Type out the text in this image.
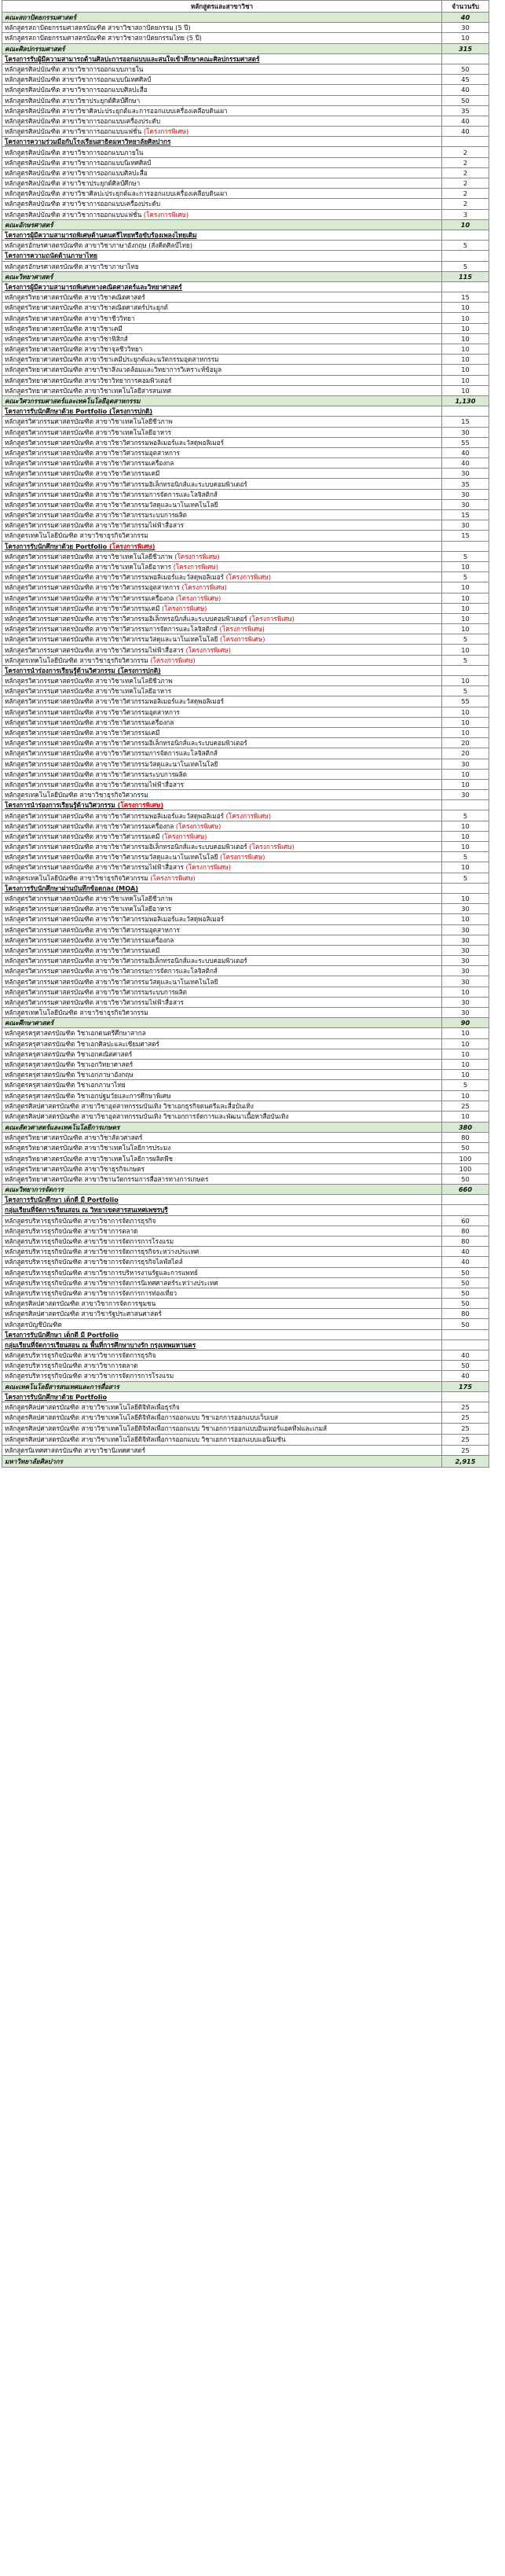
หลักสูตรและสาขาวิชา	จำนวนรับ
คณะสถาปัตยกรรมศาสตร์	40
หลักสูตรสถาปัตยกรรมศาสตรบัณฑิต สาขาวิชาสถาปัตยกรรม (5 ปี)	30
หลักสูตรสถาปัตยกรรมศาสตรบัณฑิต สาขาวิชาสถาปัตยกรรมไทย (5 ปี)	10
คณะศิลปกรรมศาสตร์	315
โครงการรับผู้มีความสามารถด้านศิลปะการออกแบบและสนใจเข้าศึกษาคณะศิลปกรรมศาสตร์	
หลักสูตรศิลปบัณฑิต สาขาวิชาการออกแบบภายใน	50
หลักสูตรศิลปบัณฑิต สาขาวิชาการออกแบบนิเทศศิลป์	45
หลักสูตรศิลปบัณฑิต สาขาวิชาการออกแบบศิลปะสื่อ	40
หลักสูตรศิลปบัณฑิต สาขาวิชาประยุกต์ศิลป์ศึกษา	50
หลักสูตรศิลปบัณฑิต สาขาวิชาศิลปะประยุกต์และการออกแบบเครื่องเคลือบดินเผา	35
หลักสูตรศิลปบัณฑิต สาขาวิชาการออกแบบเครื่องประดับ	40
หลักสูตรศิลปบัณฑิต สาขาวิชาการออกแบบแฟชั่น (โครงการพิเศษ)	40
โครงการความร่วมมือกับโรงเรียนสาธิตมหาวิทยาลัยศิลปากร	
หลักสูตรศิลปบัณฑิต สาขาวิชาการออกแบบภายใน	2
หลักสูตรศิลปบัณฑิต สาขาวิชาการออกแบบนิเทศศิลป์	2
หลักสูตรศิลปบัณฑิต สาขาวิชาการออกแบบศิลปะสื่อ	2
หลักสูตรศิลปบัณฑิต สาขาวิชาประยุกต์ศิลป์ศึกษา	2
หลักสูตรศิลปบัณฑิต สาขาวิชาศิลปะประยุกต์และการออกแบบเครื่องเคลือบดินเผา	2
หลักสูตรศิลปบัณฑิต สาขาวิชาการออกแบบเครื่องประดับ	2
หลักสูตรศิลปบัณฑิต สาขาวิชาการออกแบบแฟชั่น (โครงการพิเศษ)	3
คณะอักษรศาสตร์	10
โครงการผู้มีความสามารถพิเศษด้านดนตรีไทยหรือขับร้องเพลงไทยเดิม	
หลักสูตรอักษรศาสตรบัณฑิต สาขาวิชาภาษาอังกฤษ (สังคีตศิลป์ไทย)	5
โครงการความถนัดด้านภาษาไทย	
หลักสูตรอักษรศาสตรบัณฑิต สาขาวิชาภาษาไทย	5
คณะวิทยาศาสตร์	115
โครงการผู้มีความสามารถพิเศษทางคณิตศาสตร์และวิทยาศาสตร์	
หลักสูตรวิทยาศาสตรบัณฑิต สาขาวิชาคณิตศาสตร์	15
หลักสูตรวิทยาศาสตรบัณฑิต สาขาวิชาคณิตศาสตร์ประยุกต์	10
หลักสูตรวิทยาศาสตรบัณฑิต สาขาวิชาชีววิทยา	10
หลักสูตรวิทยาศาสตรบัณฑิต สาขาวิชาเคมี	10
หลักสูตรวิทยาศาสตรบัณฑิต สาขาวิชาฟิสิกส์	10
หลักสูตรวิทยาศาสตรบัณฑิต สาขาวิชาจุลชีววิทยา	10
หลักสูตรวิทยาศาสตรบัณฑิต สาขาวิชาเคมีประยุกต์และนวัตกรรมอุตสาหกรรม	10
หลักสูตรวิทยาศาสตรบัณฑิต สาขาวิชาสิ่งแวดล้อมและวิทยาการวิเคราะห์ข้อมูล	10
หลักสูตรวิทยาศาสตรบัณฑิต สาขาวิชาวิทยาการคอมพิวเตอร์	10
หลักสูตรวิทยาศาสตรบัณฑิต สาขาวิชาเทคโนโลยีสารสนเทศ	10
คณะวิศวกรรมศาสตร์และเทคโนโลยีอุตสาหกรรม	1,130
โครงการรับนักศึกษาด้วย Portfolio (โครงการปกติ)	
หลักสูตรวิศวกรรมศาสตรบัณฑิต สาขาวิชาเทคโนโลยีชีวภาพ	15
หลักสูตรวิศวกรรมศาสตรบัณฑิต สาขาวิชาเทคโนโลยีอาหาร	30
หลักสูตรวิศวกรรมศาสตรบัณฑิต สาขาวิชาวิศวกรรมพอลิเมอร์และวัสดุพอลิเมอร์	55
หลักสูตรวิศวกรรมศาสตรบัณฑิต สาขาวิชาวิศวกรรมอุตสาหการ	40
หลักสูตรวิศวกรรมศาสตรบัณฑิต สาขาวิชาวิศวกรรมเครื่องกล	40
หลักสูตรวิศวกรรมศาสตรบัณฑิต สาขาวิชาวิศวกรรมเคมี	30
หลักสูตรวิศวกรรมศาสตรบัณฑิต สาขาวิชาวิศวกรรมอิเล็กทรอนิกส์และระบบคอมพิวเตอร์	35
หลักสูตรวิศวกรรมศาสตรบัณฑิต สาขาวิชาวิศวกรรมการจัดการและโลจิสติกส์	30
หลักสูตรวิศวกรรมศาสตรบัณฑิต สาขาวิชาวิศวกรรมวัสดุและนาโนเทคโนโลยี	30
หลักสูตรวิศวกรรมศาสตรบัณฑิต สาขาวิชาวิศวกรรมระบบการผลิต	15
หลักสูตรวิศวกรรมศาสตรบัณฑิต สาขาวิชาวิศวกรรมไฟฟ้าสื่อสาร	30
หลักสูตรเทคโนโลยีบัณฑิต สาขาวิชาธุรกิจวิศวกรรม	15
โครงการรับนักศึกษาด้วย Portfolio (โครงการพิเศษ)	
หลักสูตรวิศวกรรมศาสตรบัณฑิต สาขาวิชาเทคโนโลยีชีวภาพ (โครงการพิเศษ)	5
หลักสูตรวิศวกรรมศาสตรบัณฑิต สาขาวิชาเทคโนโลยีอาหาร (โครงการพิเศษ)	10
หลักสูตรวิศวกรรมศาสตรบัณฑิต สาขาวิชาวิศวกรรมพอลิเมอร์และวัสดุพอลิเมอร์ (โครงการพิเศษ)	5
หลักสูตรวิศวกรรมศาสตรบัณฑิต สาขาวิชาวิศวกรรมอุตสาหการ (โครงการพิเศษ)	10
หลักสูตรวิศวกรรมศาสตรบัณฑิต สาขาวิชาวิศวกรรมเครื่องกล (โครงการพิเศษ)	10
หลักสูตรวิศวกรรมศาสตรบัณฑิต สาขาวิชาวิศวกรรมเคมี (โครงการพิเศษ)	10
หลักสูตรวิศวกรรมศาสตรบัณฑิต สาขาวิชาวิศวกรรมอิเล็กทรอนิกส์และระบบคอมพิวเตอร์ (โครงการพิเศษ)	10
หลักสูตรวิศวกรรมศาสตรบัณฑิต สาขาวิชาวิศวกรรมการจัดการและโลจิสติกส์ (โครงการพิเศษ)	10
หลักสูตรวิศวกรรมศาสตรบัณฑิต สาขาวิชาวิศวกรรมวัสดุและนาโนเทคโนโลยี (โครงการพิเศษ)	5
หลักสูตรวิศวกรรมศาสตรบัณฑิต สาขาวิชาวิศวกรรมไฟฟ้าสื่อสาร (โครงการพิเศษ)	10
หลักสูตรเทคโนโลยีบัณฑิต สาขาวิชาธุรกิจวิศวกรรม (โครงการพิเศษ)	5
โครงการนำร่องการเรียนรู้ด้านวิศวกรรม (โครงการปกติ)	
หลักสูตรวิศวกรรมศาสตรบัณฑิต สาขาวิชาเทคโนโลยีชีวภาพ	10
หลักสูตรวิศวกรรมศาสตรบัณฑิต สาขาวิชาเทคโนโลยีอาหาร	5
หลักสูตรวิศวกรรมศาสตรบัณฑิต สาขาวิชาวิศวกรรมพอลิเมอร์และวัสดุพอลิเมอร์	55
หลักสูตรวิศวกรรมศาสตรบัณฑิต สาขาวิชาวิศวกรรมอุตสาหการ	10
หลักสูตรวิศวกรรมศาสตรบัณฑิต สาขาวิชาวิศวกรรมเครื่องกล	10
หลักสูตรวิศวกรรมศาสตรบัณฑิต สาขาวิชาวิศวกรรมเคมี	10
หลักสูตรวิศวกรรมศาสตรบัณฑิต สาขาวิชาวิศวกรรมอิเล็กทรอนิกส์และระบบคอมพิวเตอร์	20
หลักสูตรวิศวกรรมศาสตรบัณฑิต สาขาวิชาวิศวกรรมการจัดการและโลจิสติกส์	20
หลักสูตรวิศวกรรมศาสตรบัณฑิต สาขาวิชาวิศวกรรมวัสดุและนาโนเทคโนโลยี	30
หลักสูตรวิศวกรรมศาสตรบัณฑิต สาขาวิชาวิศวกรรมระบบการผลิต	10
หลักสูตรวิศวกรรมศาสตรบัณฑิต สาขาวิชาวิศวกรรมไฟฟ้าสื่อสาร	10
หลักสูตรเทคโนโลยีบัณฑิต สาขาวิชาธุรกิจวิศวกรรม	30
โครงการนำร่องการเรียนรู้ด้านวิศวกรรม (โครงการพิเศษ)	
หลักสูตรวิศวกรรมศาสตรบัณฑิต สาขาวิชาวิศวกรรมพอลิเมอร์และวัสดุพอลิเมอร์ (โครงการพิเศษ)	5
หลักสูตรวิศวกรรมศาสตรบัณฑิต สาขาวิชาวิศวกรรมเครื่องกล (โครงการพิเศษ)	10
หลักสูตรวิศวกรรมศาสตรบัณฑิต สาขาวิชาวิศวกรรมเคมี (โครงการพิเศษ)	10
หลักสูตรวิศวกรรมศาสตรบัณฑิต สาขาวิชาวิศวกรรมอิเล็กทรอนิกส์และระบบคอมพิวเตอร์ (โครงการพิเศษ)	10
หลักสูตรวิศวกรรมศาสตรบัณฑิต สาขาวิชาวิศวกรรมวัสดุและนาโนเทคโนโลยี (โครงการพิเศษ)	5
หลักสูตรวิศวกรรมศาสตรบัณฑิต สาขาวิชาวิศวกรรมไฟฟ้าสื่อสาร (โครงการพิเศษ)	10
หลักสูตรเทคโนโลยีบัณฑิต สาขาวิชาธุรกิจวิศวกรรม (โครงการพิเศษ)	5
โครงการรับนักศึกษาผ่านบันทึกข้อตกลง (MOA)	
หลักสูตรวิศวกรรมศาสตรบัณฑิต สาขาวิชาเทคโนโลยีชีวภาพ	10
หลักสูตรวิศวกรรมศาสตรบัณฑิต สาขาวิชาเทคโนโลยีอาหาร	30
หลักสูตรวิศวกรรมศาสตรบัณฑิต สาขาวิชาวิศวกรรมพอลิเมอร์และวัสดุพอลิเมอร์	10
หลักสูตรวิศวกรรมศาสตรบัณฑิต สาขาวิชาวิศวกรรมอุตสาหการ	30
หลักสูตรวิศวกรรมศาสตรบัณฑิต สาขาวิชาวิศวกรรมเครื่องกล	30
หลักสูตรวิศวกรรมศาสตรบัณฑิต สาขาวิชาวิศวกรรมเคมี	30
หลักสูตรวิศวกรรมศาสตรบัณฑิต สาขาวิชาวิศวกรรมอิเล็กทรอนิกส์และระบบคอมพิวเตอร์	30
หลักสูตรวิศวกรรมศาสตรบัณฑิต สาขาวิชาวิศวกรรมการจัดการและโลจิสติกส์	30
หลักสูตรวิศวกรรมศาสตรบัณฑิต สาขาวิชาวิศวกรรมวัสดุและนาโนเทคโนโลยี	30
หลักสูตรวิศวกรรมศาสตรบัณฑิต สาขาวิชาวิศวกรรมระบบการผลิต	10
หลักสูตรวิศวกรรมศาสตรบัณฑิต สาขาวิชาวิศวกรรมไฟฟ้าสื่อสาร	30
หลักสูตรเทคโนโลยีบัณฑิต สาขาวิชาธุรกิจวิศวกรรม	30
คณะศึกษาศาสตร์	90
หลักสูตรครุศาสตรบัณฑิต วิชาเอกดนตรีศึกษาสากล	10
หลักสูตรครุศาสตรบัณฑิต วิชาเอกศิลปะและเซียมศาสตร์	10
หลักสูตรครุศาสตรบัณฑิต วิชาเอกคณิตศาสตร์	10
หลักสูตรครุศาสตรบัณฑิต วิชาเอกวิทยาศาสตร์	10
หลักสูตรครุศาสตรบัณฑิต วิชาเอกภาษาอังกฤษ	10
หลักสูตรครุศาสตรบัณฑิต วิชาเอกภาษาไทย	5
หลักสูตรครุศาสตรบัณฑิต วิชาเอกปฐมวัยและการศึกษาพิเศษ	10
หลักสูตรศิลปศาสตรบัณฑิต สาขาวิชาอุตสาหกรรมบันเทิง วิชาเอกธุรกิจดนตรีและสื่อบันเทิง	25
หลักสูตรศิลปศาสตรบัณฑิต สาขาวิชาอุตสาหกรรมบันเทิง วิชาเอกการจัดการและพัฒนาเนื้อหาสื่อบันเทิง	10
คณะสัตวศาสตร์และเทคโนโลยีการเกษตร	380
หลักสูตรวิทยาศาสตรบัณฑิต สาขาวิชาสัตวศาสตร์	80
หลักสูตรวิทยาศาสตรบัณฑิต สาขาวิชาเทคโนโลยีการประมง	50
หลักสูตรวิทยาศาสตรบัณฑิต สาขาวิชาเทคโนโลยีการผลิตพืช	100
หลักสูตรวิทยาศาสตรบัณฑิต สาขาวิชาธุรกิจเกษตร	100
หลักสูตรวิทยาศาสตรบัณฑิต สาขาวิชานวัตกรรมการสื่อสารทางการเกษตร	50
คณะวิทยาการจัดการ	660
โครงการรับนักศึกษา เด็กดี มี Portfolio	
กลุ่มเรียนที่จัดการเรียนสอน ณ วิทยาเขตสารสนเทศเพชรบุรี	
หลักสูตรบริหารธุรกิจบัณฑิต สาขาวิชาการจัดการธุรกิจ	60
หลักสูตรบริหารธุรกิจบัณฑิต สาขาวิชาการตลาด	80
หลักสูตรบริหารธุรกิจบัณฑิต สาขาวิชาการจัดการการโรงแรม	80
หลักสูตรบริหารธุรกิจบัณฑิต สาขาวิชาการจัดการธุรกิจระหว่างประเทศ	40
หลักสูตรบริหารธุรกิจบัณฑิต สาขาวิชาการจัดการธุรกิจไลฟ์สไตล์	40
หลักสูตรบริหารธุรกิจบัณฑิต สาขาวิชาการบริหารงานรัฐและการแพทย์	50
หลักสูตรบริหารธุรกิจบัณฑิต สาขาวิชาการจัดการนิเทศศาสตร์ระหว่างประเทศ	50
หลักสูตรบริหารธุรกิจบัณฑิต สาขาวิชาการจัดการการท่องเที่ยว	50
หลักสูตรศิลปศาสตรบัณฑิต สาขาวิชาการจัดการชุมชน	50
หลักสูตรศิลปศาสตรบัณฑิต สาขาวิชารัฐประศาสนศาสตร์	80
หลักสูตรบัญชีบัณฑิต	50
โครงการรับนักศึกษา เด็กดี มี Portfolio	
กลุ่มเรียนที่จัดการเรียนสอน ณ พื้นที่การศึกษาบางรัก กรุงเทพมหานคร	
หลักสูตรบริหารธุรกิจบัณฑิต สาขาวิชาการจัดการธุรกิจ	40
หลักสูตรบริหารธุรกิจบัณฑิต สาขาวิชาการตลาด	50
หลักสูตรบริหารธุรกิจบัณฑิต สาขาวิชาการจัดการการโรงแรม	40
คณะเทคโนโลยีสารสนเทศและการสื่อสาร	175
โครงการรับนักศึกษาด้วย Portfolio	
หลักสูตรศิลปศาสตรบัณฑิต สาขาวิชาเทคโนโลยีดิจิทัลเพื่อธุรกิจ	25
หลักสูตรศิลปศาสตรบัณฑิต สาขาวิชาเทคโนโลยีดิจิทัลเพื่อการออกแบบ วิชาเอกการออกแบบเว็บเบส	25
หลักสูตรศิลปศาสตรบัณฑิต สาขาวิชาเทคโนโลยีดิจิทัลเพื่อการออกแบบ วิชาเอกการออกแบบอินเทอร์แอคทีฟและเกมส์	25
หลักสูตรศิลปศาสตรบัณฑิต สาขาวิชาเทคโนโลยีดิจิทัลเพื่อการออกแบบ วิชาเอกการออกแบบแอนิเมชัน	25
หลักสูตรนิเทศศาสตรบัณฑิต สาขาวิชานิเทศศาสตร์	25
มหาวิทยาลัยศิลปากร	2,915
